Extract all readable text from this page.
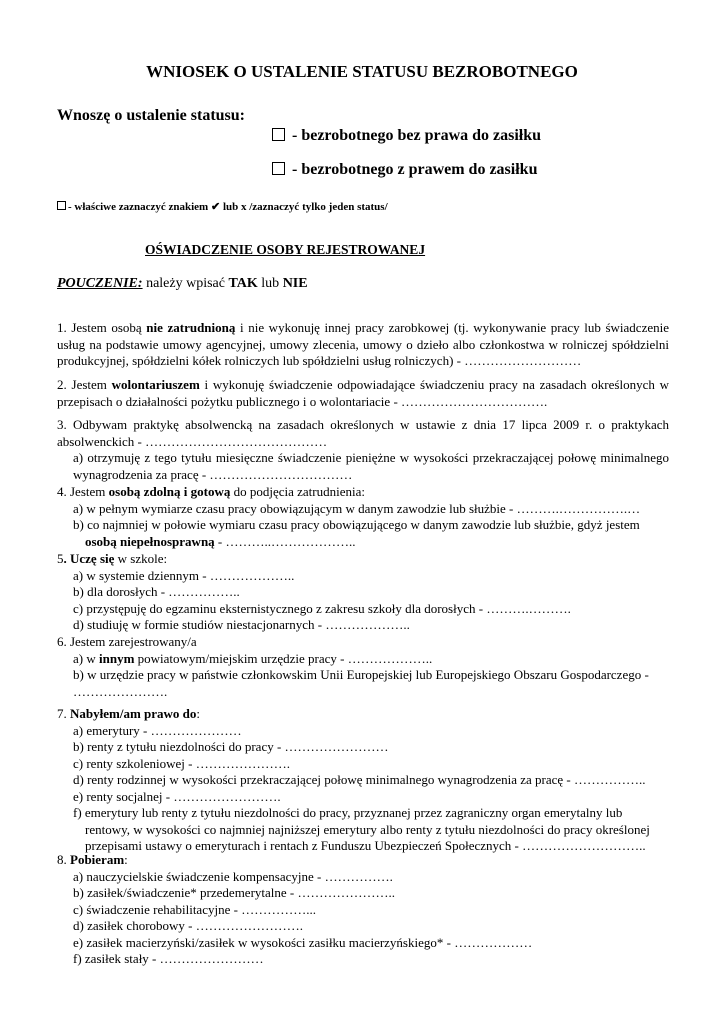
WNIOSEK O USTALENIE STATUSU BEZROBOTNEGO
Wnoszę o ustalenie statusu:
- bezrobotnego bez prawa do zasiłku
- bezrobotnego z prawem do zasiłku
- właściwe zaznaczyć znakiem ✔ lub x /zaznaczyć tylko jeden status/
OŚWIADCZENIE OSOBY REJESTROWANEJ
POUCZENIE: należy wpisać TAK lub NIE
1. Jestem osobą nie zatrudnioną i nie wykonuję innej pracy zarobkowej (tj. wykonywanie pracy lub świadczenie usług na podstawie umowy agencyjnej, umowy zlecenia, umowy o dzieło albo członkostwa w rolniczej spółdzielni produkcyjnej, spółdzielni kółek rolniczych lub spółdzielni usług rolniczych) - ………………………
2. Jestem wolontariuszem i wykonuję świadczenie odpowiadające świadczeniu pracy na zasadach określonych w przepisach o działalności pożytku publicznego i o wolontariacie - …………………………….
3. Odbywam praktykę absolwencką na zasadach określonych w ustawie z dnia 17 lipca 2009 r. o praktykach absolwenckich - ……………………………………
a) otrzymuję z tego tytułu miesięczne świadczenie pieniężne w wysokości przekraczającej połowę minimalnego wynagrodzenia za pracę - ……………………………
4. Jestem osobą zdolną i gotową do podjęcia zatrudnienia:
a) w pełnym wymiarze czasu pracy obowiązującym w danym zawodzie lub służbie - ……….…………….…
b) co najmniej w połowie wymiaru czasu pracy obowiązującego w danym zawodzie lub służbie, gdyż jestem
osobą niepełnosprawną - ………..………………..
5. Uczę się w szkole:
a) w systemie dziennym - ………………..
b) dla dorosłych - ……………..
c) przystępuję do egzaminu eksternistycznego z zakresu szkoły dla dorosłych - ……….……….
d) studiuję w formie studiów niestacjonarnych - ………………..
6. Jestem zarejestrowany/a
a) w innym powiatowym/miejskim urzędzie pracy - ………………..
b) w urzędzie pracy w państwie członkowskim Unii Europejskiej lub Europejskiego Obszaru Gospodarczego -
………………….
7. Nabyłem/am prawo do:
a) emerytury - …………………
b) renty z tytułu niezdolności do pracy - ……………………
c) renty szkoleniowej - ………………….
d) renty rodzinnej w wysokości przekraczającej połowę minimalnego wynagrodzenia za pracę - ……………..
e) renty socjalnej - …………………….
f) emerytury lub renty z tytułu niezdolności do pracy, przyznanej przez zagraniczny organ emerytalny lub
rentowy, w wysokości co najmniej najniższej emerytury albo renty z tytułu niezdolności do pracy określonej
przepisami ustawy o emeryturach i rentach z Funduszu Ubezpieczeń Społecznych - ………………………..
8. Pobieram:
a) nauczycielskie świadczenie kompensacyjne - …………….
b) zasiłek/świadczenie* przedemerytalne - …………………..
c) świadczenie rehabilitacyjne - ……………...
d) zasiłek chorobowy - …………………….
e) zasiłek macierzyński/zasiłek w wysokości zasiłku macierzyńskiego* - ………………
f) zasiłek stały - ……………………
